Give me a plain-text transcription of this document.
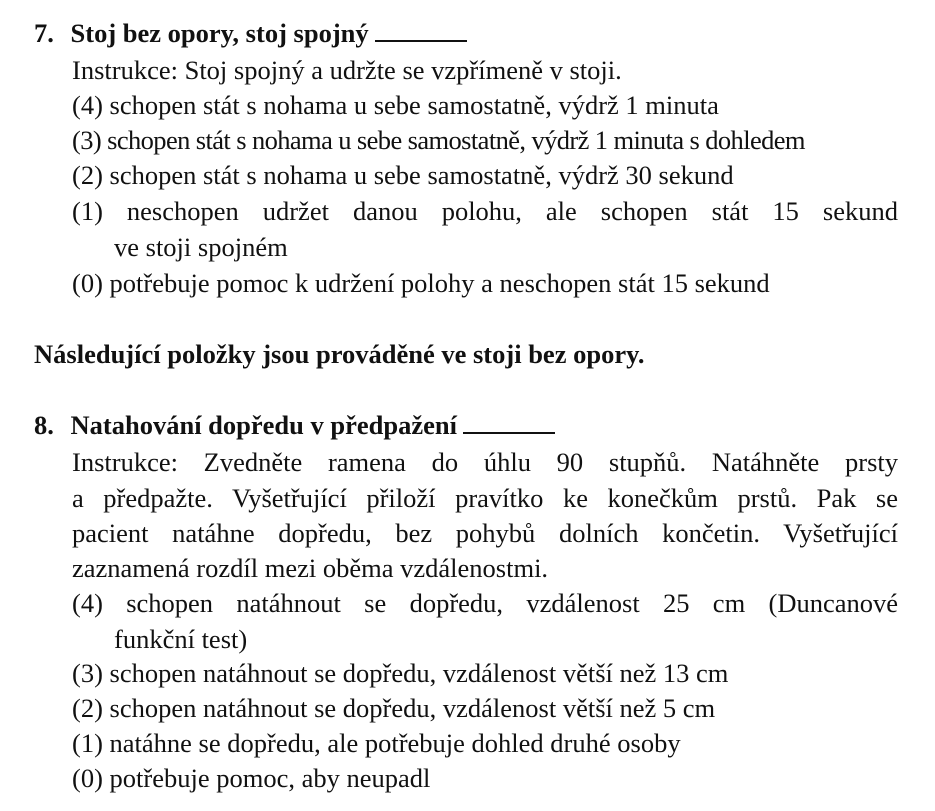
7. Stoj bez opory, stoj spojný
Instrukce: Stoj spojný a udržte se vzpřímeně v stoji.
(4) schopen stát s nohama u sebe samostatně, výdrž 1 minuta
(3) schopen stát s nohama u sebe samostatně, výdrž 1 minuta s dohledem
(2) schopen stát s nohama u sebe samostatně, výdrž 30 sekund
(1) neschopen udržet danou polohu, ale schopen stát 15 sekund
ve stoji spojném
(0) potřebuje pomoc k udržení polohy a neschopen stát 15 sekund
Následující položky jsou prováděné ve stoji bez opory.
8. Natahování dopředu v předpažení
Instrukce: Zvedněte ramena do úhlu 90 stupňů. Natáhněte prsty
a předpažte. Vyšetřující přiloží pravítko ke konečkům prstů. Pak se
pacient natáhne dopředu, bez pohybů dolních končetin. Vyšetřující
zaznamená rozdíl mezi oběma vzdálenostmi.
(4) schopen natáhnout se dopředu, vzdálenost 25 cm (Duncanové
funkční test)
(3) schopen natáhnout se dopředu, vzdálenost větší než 13 cm
(2) schopen natáhnout se dopředu, vzdálenost větší než 5 cm
(1) natáhne se dopředu, ale potřebuje dohled druhé osoby
(0) potřebuje pomoc, aby neupadl
